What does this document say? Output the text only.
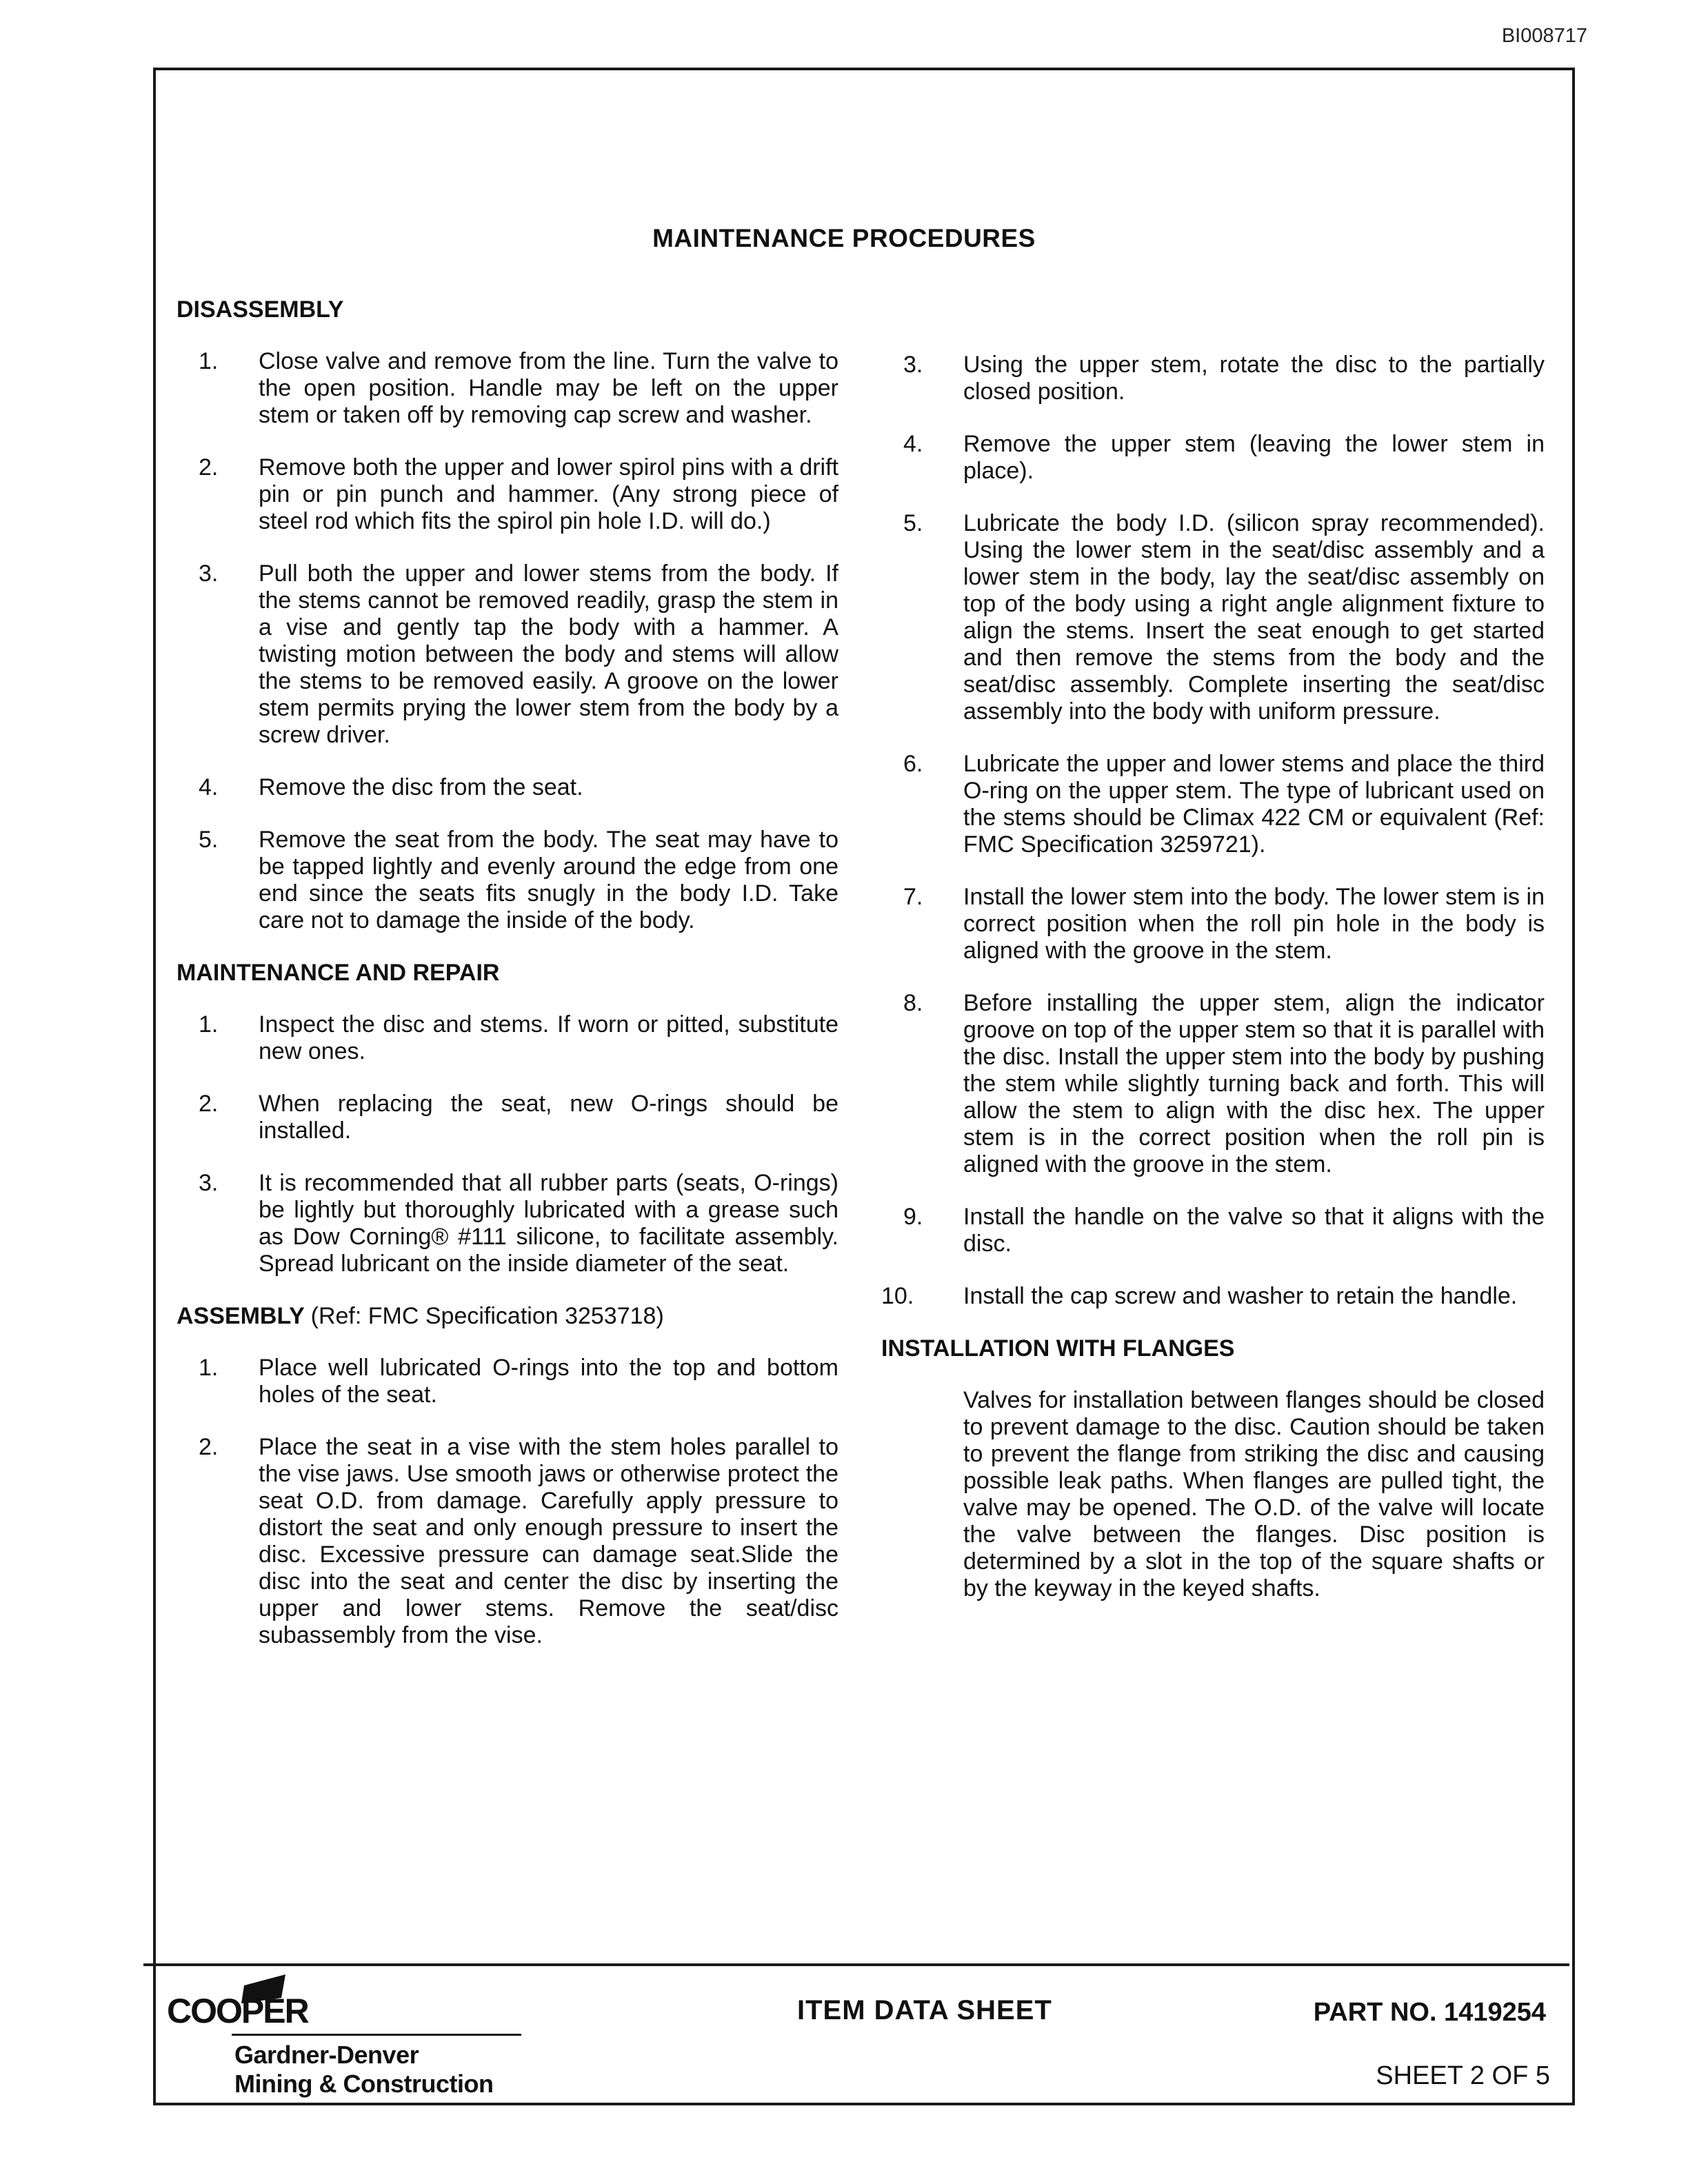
BI008717
MAINTENANCE PROCEDURES
DISASSEMBLY
1.	Close valve and remove from the line. Turn the valve to the open position. Handle may be left on the upper stem or taken off by removing cap screw and washer.
2.	Remove both the upper and lower spirol pins with a drift pin or pin punch and hammer. (Any strong piece of steel rod which fits the spirol pin hole I.D. will do.)
3.	Pull both the upper and lower stems from the body. If the stems cannot be removed readily, grasp the stem in a vise and gently tap the body with a hammer. A twisting motion between the body and stems will allow the stems to be removed easily. A groove on the lower stem permits prying the lower stem from the body by a screw driver.
4.	Remove the disc from the seat.
5.	Remove the seat from the body. The seat may have to be tapped lightly and evenly around the edge from one end since the seats fits snugly in the body I.D. Take care not to damage the inside of the body.
MAINTENANCE AND REPAIR
1.	Inspect the disc and stems. If worn or pitted, substitute new ones.
2.	When replacing the seat, new O-rings should be installed.
3.	It is recommended that all rubber parts (seats, O-rings) be lightly but thoroughly lubricated with a grease such as Dow Corning® #111 silicone, to facilitate assembly. Spread lubricant on the inside diameter of the seat.
ASSEMBLY (Ref: FMC Specification 3253718)
1.	Place well lubricated O-rings into the top and bottom holes of the seat.
2.	Place the seat in a vise with the stem holes parallel to the vise jaws. Use smooth jaws or otherwise protect the seat O.D. from damage. Carefully apply pressure to distort the seat and only enough pressure to insert the disc. Excessive pressure can damage seat.Slide the disc into the seat and center the disc by inserting the upper and lower stems. Remove the seat/disc subassembly from the vise.
3.	Using the upper stem, rotate the disc to the partially closed position.
4.	Remove the upper stem (leaving the lower stem in place).
5.	Lubricate the body I.D. (silicon spray recommended). Using the lower stem in the seat/disc assembly and a lower stem in the body, lay the seat/disc assembly on top of the body using a right angle alignment fixture to align the stems. Insert the seat enough to get started and then remove the stems from the body and the seat/disc assembly. Complete inserting the seat/disc assembly into the body with uniform pressure.
6.	Lubricate the upper and lower stems and place the third O-ring on the upper stem. The type of lubricant used on the stems should be Climax 422 CM or equivalent (Ref: FMC Specification 3259721).
7.	Install the lower stem into the body. The lower stem is in correct position when the roll pin hole in the body is aligned with the groove in the stem.
8.	Before installing the upper stem, align the indicator groove on top of the upper stem so that it is parallel with the disc. Install the upper stem into the body by pushing the stem while slightly turning back and forth. This will allow the stem to align with the disc hex. The upper stem is in the correct position when the roll pin is aligned with the groove in the stem.
9.	Install the handle on the valve so that it aligns with the disc.
10.	Install the cap screw and washer to retain the handle.
INSTALLATION WITH FLANGES
Valves for installation between flanges should be closed to prevent damage to the disc. Caution should be taken to prevent the flange from striking the disc and causing possible leak paths. When flanges are pulled tight, the valve may be opened. The O.D. of the valve will locate the valve between the flanges. Disc position is determined by a slot in the top of the square shafts or by the keyway in the keyed shafts.
COOPER
Gardner-Denver
Mining & Construction
ITEM DATA SHEET	PART NO. 1419254
SHEET 2 OF 5
